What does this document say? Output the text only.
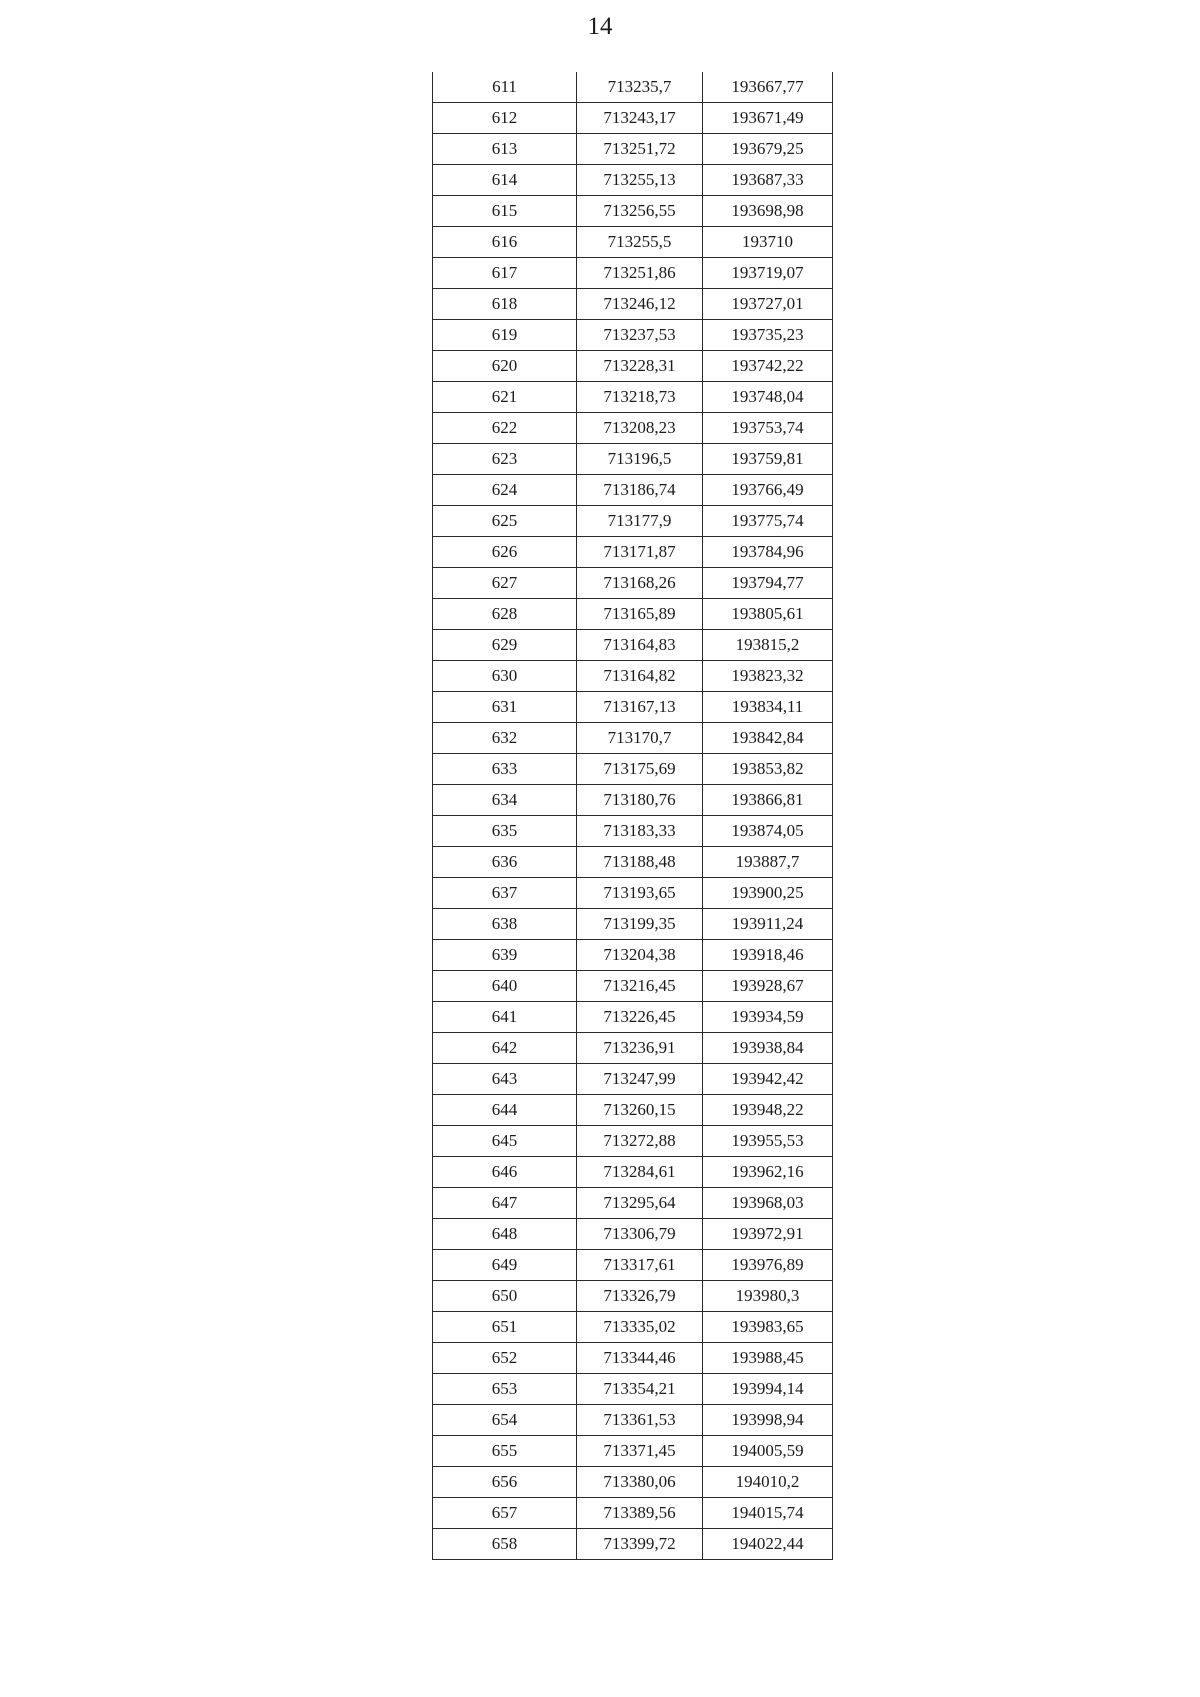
14
611	713235,7	193667,77
612	713243,17	193671,49
613	713251,72	193679,25
614	713255,13	193687,33
615	713256,55	193698,98
616	713255,5	193710
617	713251,86	193719,07
618	713246,12	193727,01
619	713237,53	193735,23
620	713228,31	193742,22
621	713218,73	193748,04
622	713208,23	193753,74
623	713196,5	193759,81
624	713186,74	193766,49
625	713177,9	193775,74
626	713171,87	193784,96
627	713168,26	193794,77
628	713165,89	193805,61
629	713164,83	193815,2
630	713164,82	193823,32
631	713167,13	193834,11
632	713170,7	193842,84
633	713175,69	193853,82
634	713180,76	193866,81
635	713183,33	193874,05
636	713188,48	193887,7
637	713193,65	193900,25
638	713199,35	193911,24
639	713204,38	193918,46
640	713216,45	193928,67
641	713226,45	193934,59
642	713236,91	193938,84
643	713247,99	193942,42
644	713260,15	193948,22
645	713272,88	193955,53
646	713284,61	193962,16
647	713295,64	193968,03
648	713306,79	193972,91
649	713317,61	193976,89
650	713326,79	193980,3
651	713335,02	193983,65
652	713344,46	193988,45
653	713354,21	193994,14
654	713361,53	193998,94
655	713371,45	194005,59
656	713380,06	194010,2
657	713389,56	194015,74
658	713399,72	194022,44
